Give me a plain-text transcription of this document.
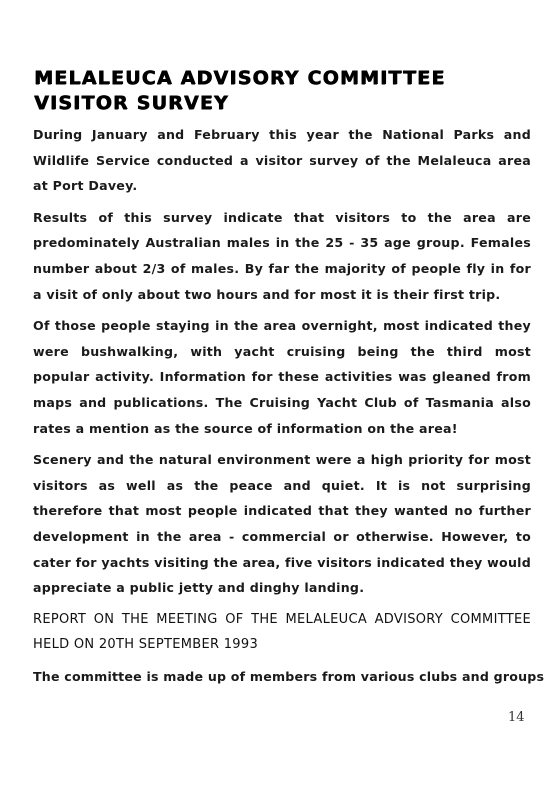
MELALEUCA ADVISORY COMMITTEE
VISITOR SURVEY

During January and February this year the National Parks and Wildlife Service conducted a visitor survey of the Melaleuca area at Port Davey.

Results of this survey indicate that visitors to the area are predominately Australian males in the 25 - 35 age group. Females number about 2/3 of males. By far the majority of people fly in for a visit of only about two hours and for most it is their first trip.

Of those people staying in the area overnight, most indicated they were bushwalking, with yacht cruising being the third most popular activity. Information for these activities was gleaned from maps and publications. The Cruising Yacht Club of Tasmania also rates a mention as the source of information on the area!

Scenery and the natural environment were a high priority for most visitors as well as the peace and quiet. It is not surprising therefore that most people indicated that they wanted no further development in the area - commercial or otherwise. However, to cater for yachts visiting the area, five visitors indicated they would appreciate a public jetty and dinghy landing.

REPORT ON THE MEETING OF THE MELALEUCA ADVISORY COMMITTEE HELD ON 20TH SEPTEMBER 1993

The committee is made up of members from various clubs and groups

14
